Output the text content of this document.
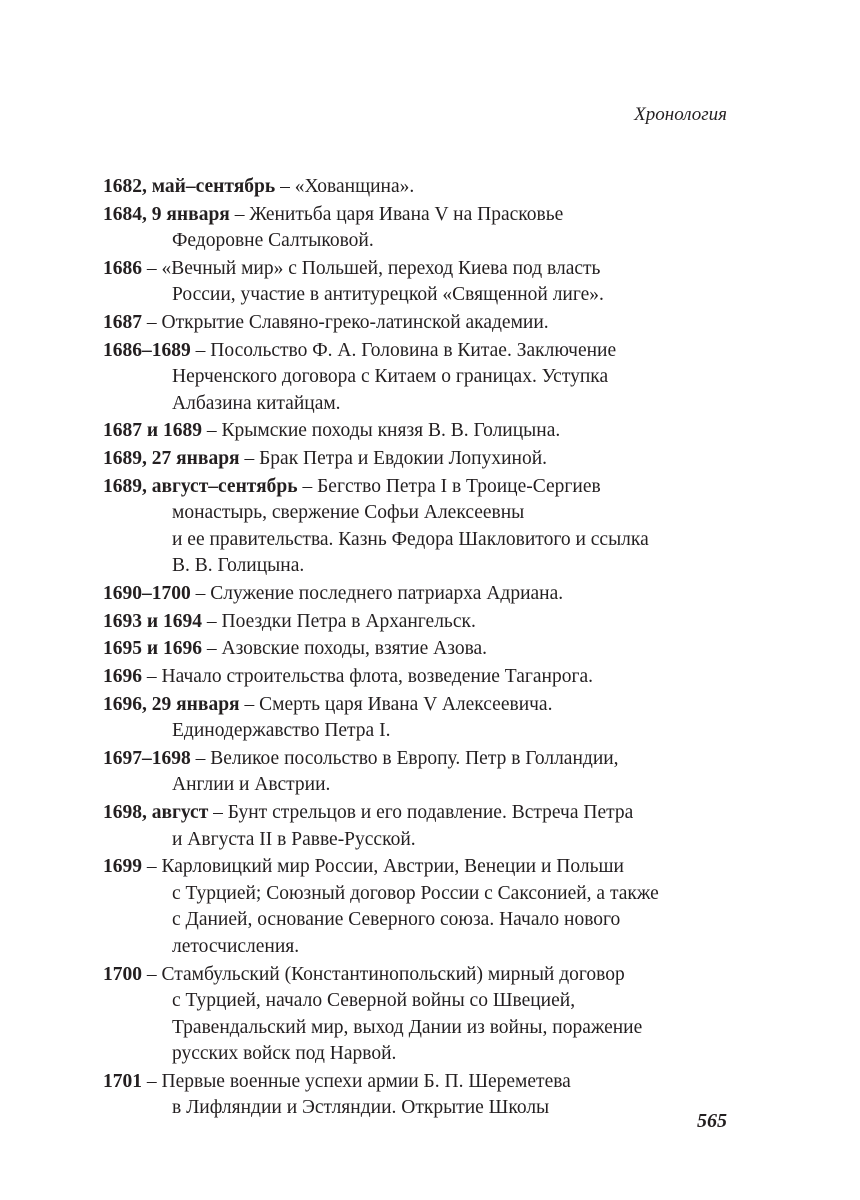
Хронология
1682, май–сентябрь – «Хованщина».
1684, 9 января – Женитьба царя Ивана V на Прасковье
Федоровне Салтыковой.
1686 – «Вечный мир» с Польшей, переход Киева под власть
России, участие в антитурецкой «Священной лиге».
1687 – Открытие Славяно-греко-латинской академии.
1686–1689 – Посольство Ф. А. Головина в Китае. Заключение
Нерченского договора с Китаем о границах. Уступка
Албазина китайцам.
1687 и 1689 – Крымские походы князя В. В. Голицына.
1689, 27 января – Брак Петра и Евдокии Лопухиной.
1689, август–сентябрь – Бегство Петра I в Троице-Сергиев
монастырь, свержение Софьи Алексеевны
и ее правительства. Казнь Федора Шакловитого и ссылка
В. В. Голицына.
1690–1700 – Служение последнего патриарха Адриана.
1693 и 1694 – Поездки Петра в Архангельск.
1695 и 1696 – Азовские походы, взятие Азова.
1696 – Начало строительства флота, возведение Таганрога.
1696, 29 января – Смерть царя Ивана V Алексеевича.
Единодержавство Петра I.
1697–1698 – Великое посольство в Европу. Петр в Голландии,
Англии и Австрии.
1698, август – Бунт стрельцов и его подавление. Встреча Петра
и Августа II в Равве-Русской.
1699 – Карловицкий мир России, Австрии, Венеции и Польши
с Турцией; Союзный договор России с Саксонией, а также
с Данией, основание Северного союза. Начало нового
летосчисления.
1700 – Стамбульский (Константинопольский) мирный договор
с Турцией, начало Северной войны со Швецией,
Травендальский мир, выход Дании из войны, поражение
русских войск под Нарвой.
1701 – Первые военные успехи армии Б. П. Шереметева
в Лифляндии и Эстляндии. Открытие Школы
565
